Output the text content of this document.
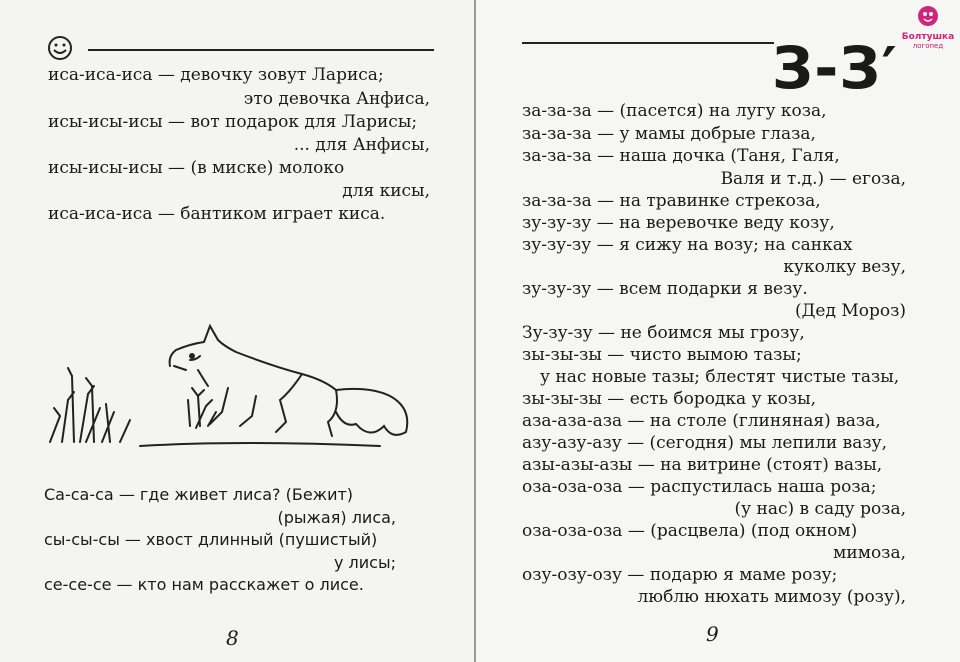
иса-иса-иса — девочку зовут Лариса;
это девочка Анфиса,
исы-исы-исы — вот подарок для Ларисы;
... для Анфисы,
исы-исы-исы — (в миске) молоко
для кисы,
иса-иса-иса — бантиком играет киса.
Са-са-са — где живет лиса? (Бежит)
(рыжая) лиса,
сы-сы-сы — хвост длинный (пушистый)
у лисы;
се-се-се — кто нам расскажет о лисе.
8
З-З′ Болтушка
логопед
за-за-за — (пасется) на лугу коза,
за-за-за — у мамы добрые глаза,
за-за-за — наша дочка (Таня, Галя,
Валя и т.д.) — егоза,
за-за-за — на травинке стрекоза,
зу-зу-зу — на веревочке веду козу,
зу-зу-зу — я сижу на возу; на санках
куколку везу,
зу-зу-зу — всем подарки я везу.
(Дед Мороз)
Зу-зу-зу — не боимся мы грозу,
зы-зы-зы — чисто вымою тазы;
у нас новые тазы; блестят чистые тазы,
зы-зы-зы — есть бородка у козы,
аза-аза-аза — на столе (глиняная) ваза,
азу-азу-азу — (сегодня) мы лепили вазу,
азы-азы-азы — на витрине (стоят) вазы,
оза-оза-оза — распустилась наша роза;
(у нас) в саду роза,
оза-оза-оза — (расцвела) (под окном)
мимоза,
озу-озу-озу — подарю я маме розу;
люблю нюхать мимозу (розу),
9
